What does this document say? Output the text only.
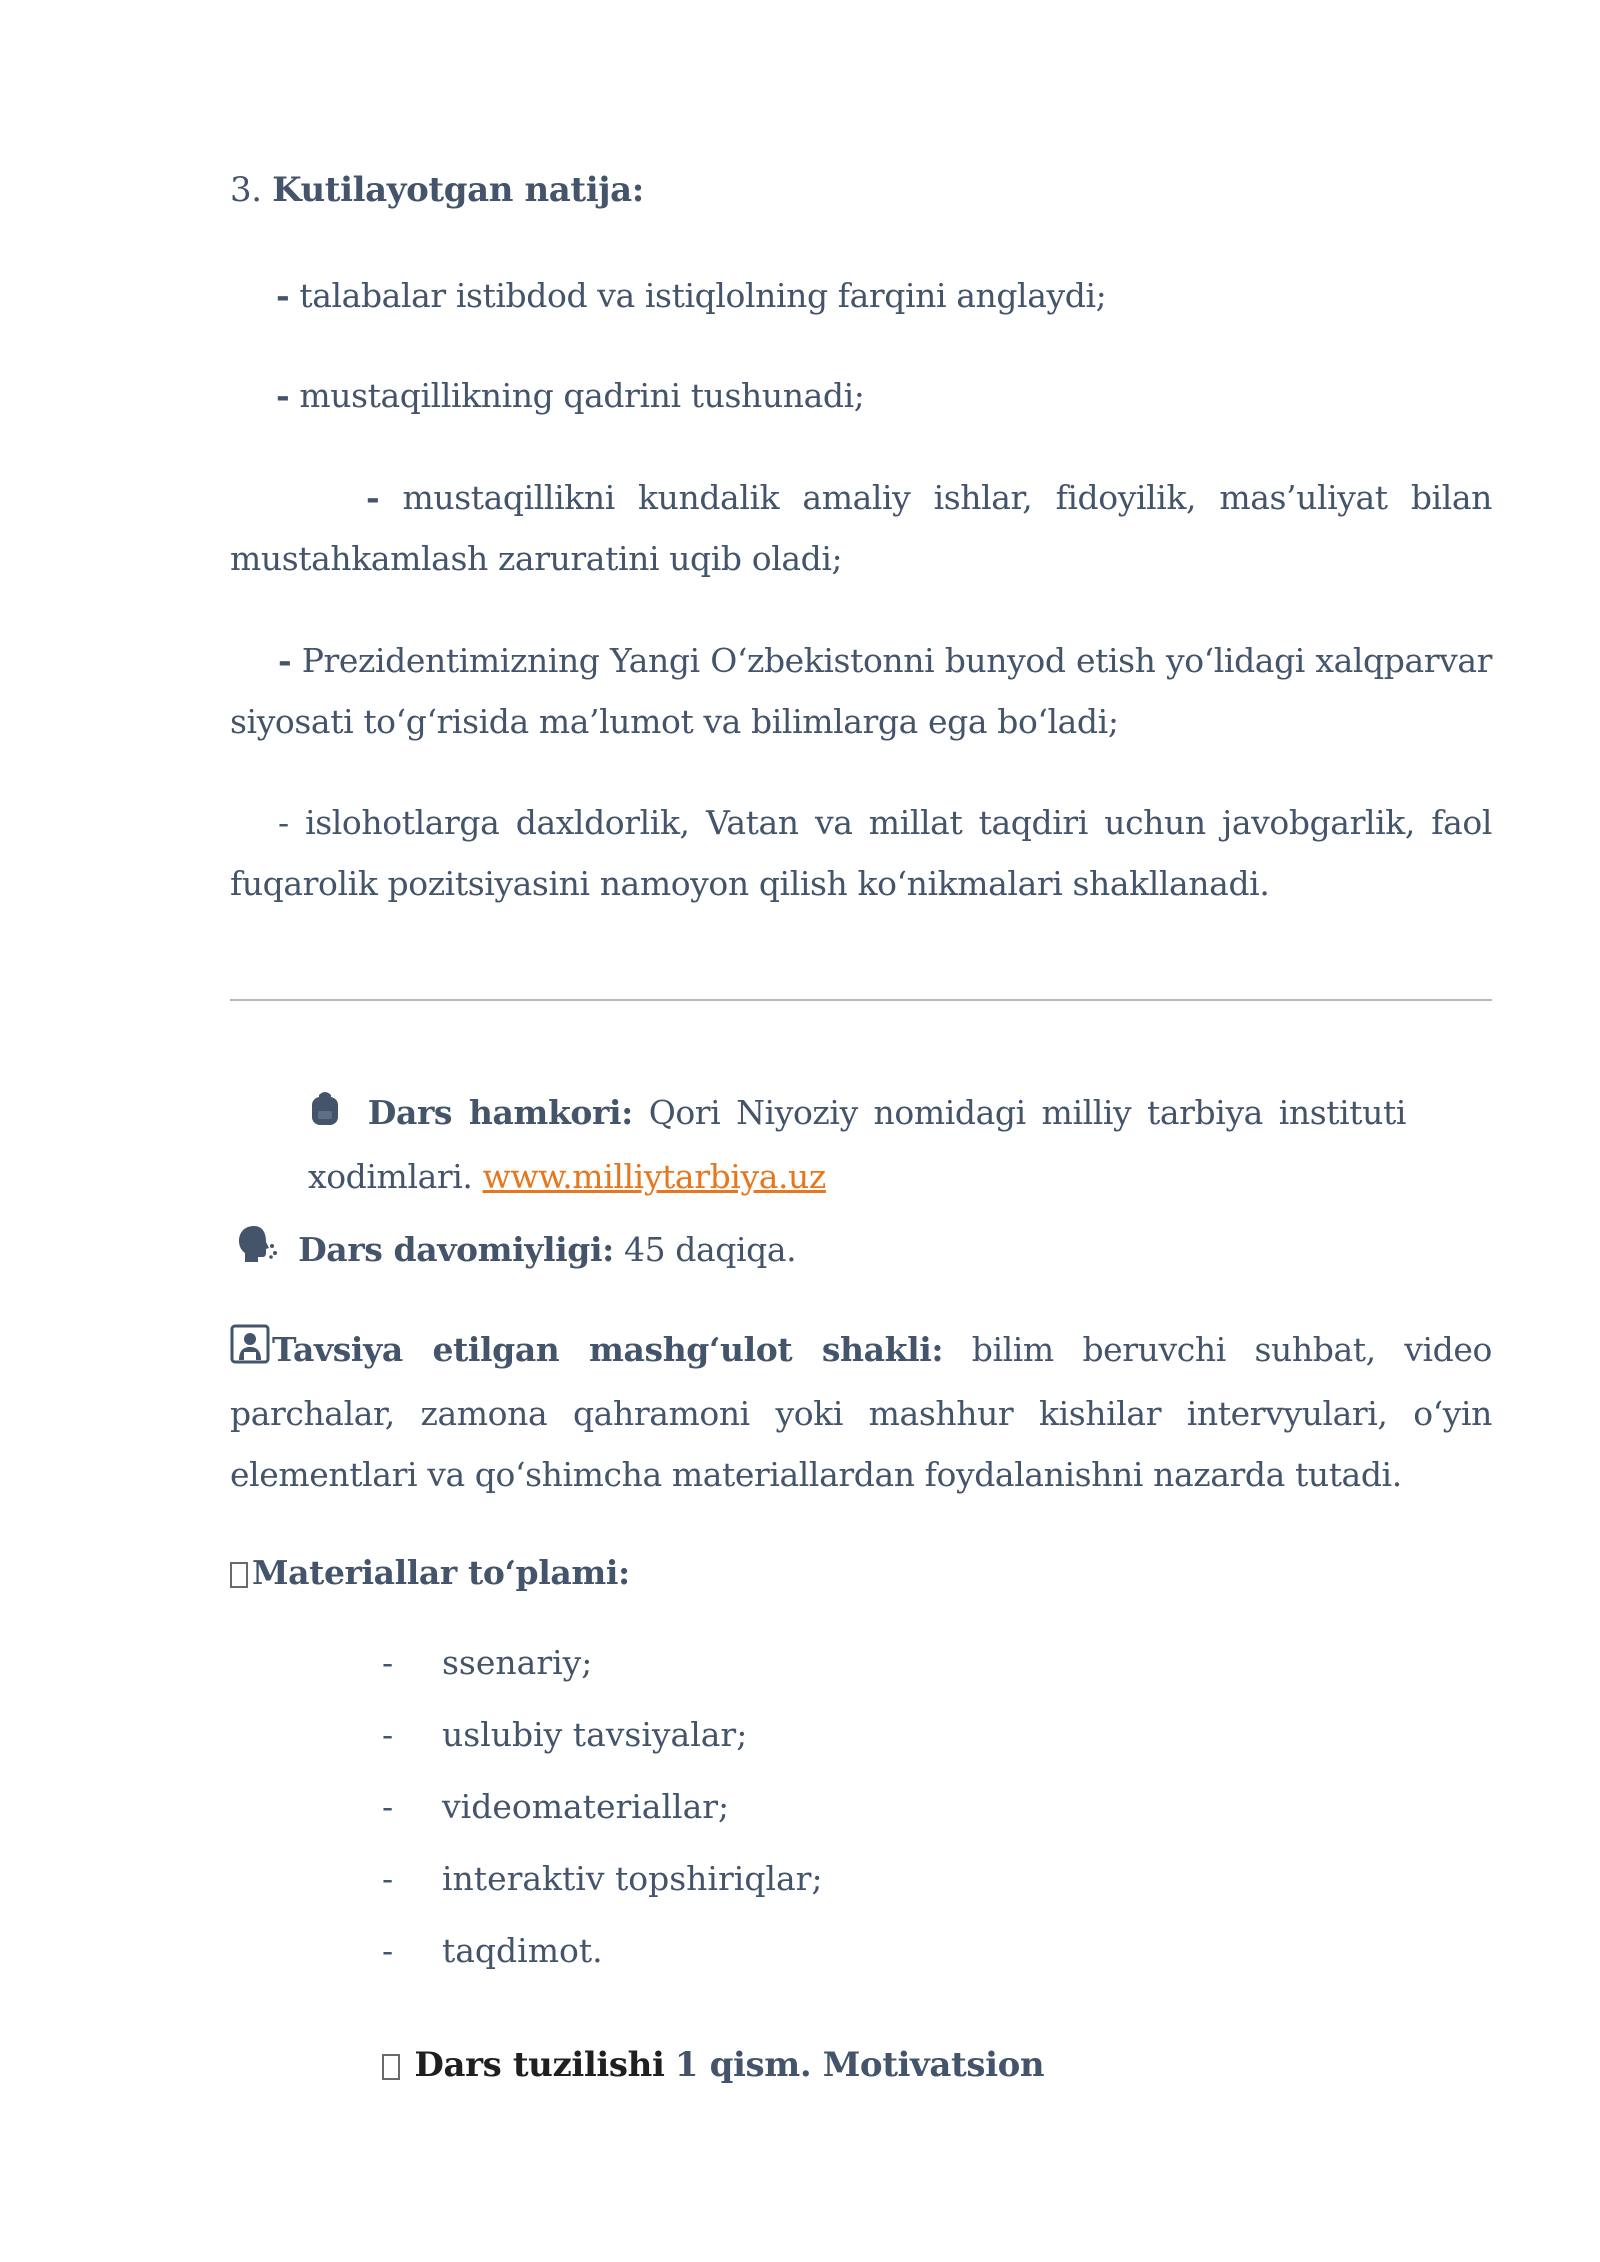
3. Kutilayotgan natija:

- talabalar istibdod va istiqlolning farqini anglaydi;

- mustaqillikning qadrini tushunadi;

- mustaqillikni kundalik amaliy ishlar, fidoyilik, mas’uliyat bilan mustahkamlash zaruratini uqib oladi;

- Prezidentimizning Yangi O‘zbekistonni bunyod etish yo‘lidagi xalqparvar siyosati to‘g‘risida ma’lumot va bilimlarga ega bo‘ladi;

- islohotlarga daxldorlik, Vatan va millat taqdiri uchun javobgarlik, faol fuqarolik pozitsiyasini namoyon qilish ko‘nikmalari shakllanadi.

Dars hamkori: Qori Niyoziy nomidagi milliy tarbiya instituti xodimlari. www.milliytarbiya.uz

Dars davomiyligi: 45 daqiqa.

Tavsiya etilgan mashg‘ulot shakli: bilim beruvchi suhbat, video parchalar, zamona qahramoni yoki mashhur kishilar intervyulari, o‘yin elementlari va qo‘shimcha materiallardan foydalanishni nazarda tutadi.

Materiallar to‘plami:

- ssenariy;
- uslubiy tavsiyalar;
- videomateriallar;
- interaktiv topshiriqlar;
- taqdimot.

Dars tuzilishi 1 qism. Motivatsion
